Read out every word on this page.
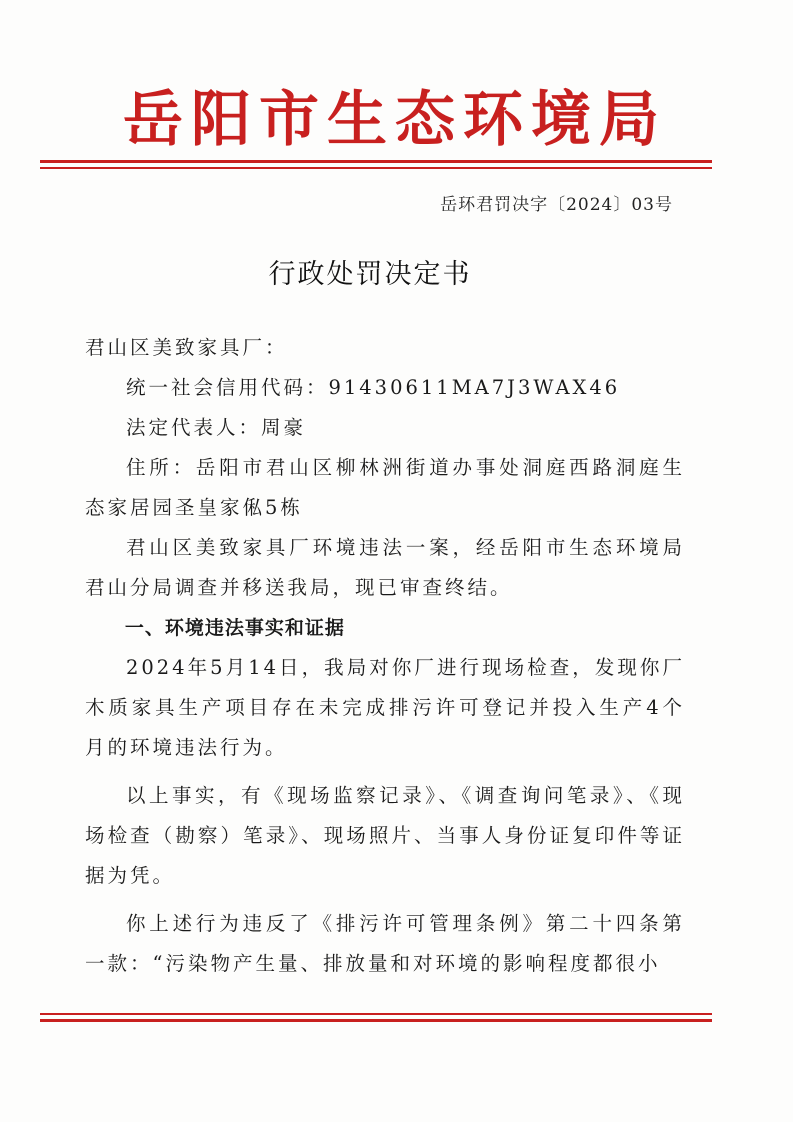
岳阳市生态环境局
岳环君罚决字〔2024〕03号
行政处罚决定书

君山区美致家具厂：

统一社会信用代码：91430611MA7J3WAX46

法定代表人：周豪

住所：岳阳市君山区柳林洲街道办事处洞庭西路洞庭生态家居园圣皇家俬5栋

君山区美致家具厂环境违法一案，经岳阳市生态环境局君山分局调查并移送我局，现已审查终结。

一、环境违法事实和证据

2024年5月14日，我局对你厂进行现场检查，发现你厂木质家具生产项目存在未完成排污许可登记并投入生产4个月的环境违法行为。

以上事实，有《现场监察记录》、《调查询问笔录》、《现场检查（勘察）笔录》、现场照片、当事人身份证复印件等证据为凭。

你上述行为违反了《排污许可管理条例》第二十四条第一款：“污染物产生量、排放量和对环境的影响程度都很小
